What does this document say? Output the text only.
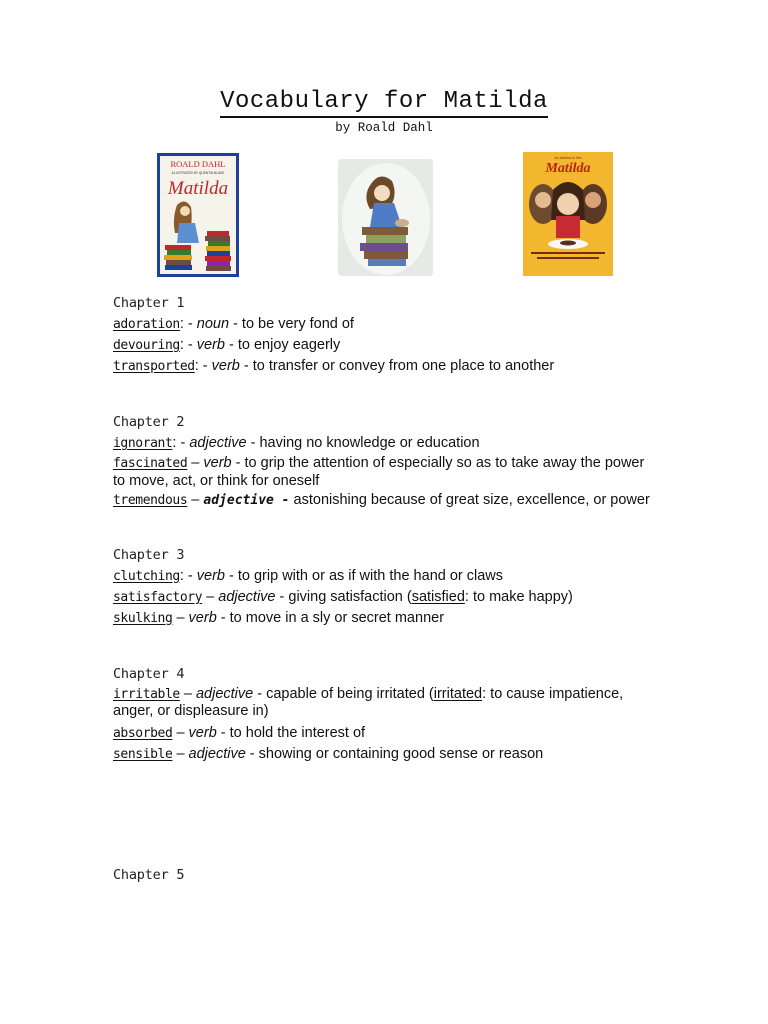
Vocabulary for Matilda
by Roald Dahl
ROALD DAHL
ILLUSTRATED BY QUENTIN BLAKE
Matilda
Au cinéma le film
Matilda

Chapter 1

adoration: - noun - to be very fond of

devouring: - verb - to enjoy eagerly

transported: - verb - to transfer or convey from one place to another

Chapter 2

ignorant: - adjective - having no knowledge or education

fascinated – verb - to grip the attention of especially so as to take away the power to move, act, or think for oneself

tremendous – adjective - astonishing because of great size, excellence, or power

Chapter 3

clutching: - verb - to grip with or as if with the hand or claws

satisfactory – adjective - giving satisfaction (satisfied: to make happy)

skulking – verb - to move in a sly or secret manner

Chapter 4

irritable – adjective - capable of being irritated (irritated: to cause impatience, anger, or displeasure in)

absorbed – verb - to hold the interest of

sensible – adjective - showing or containing good sense or reason

Chapter 5
